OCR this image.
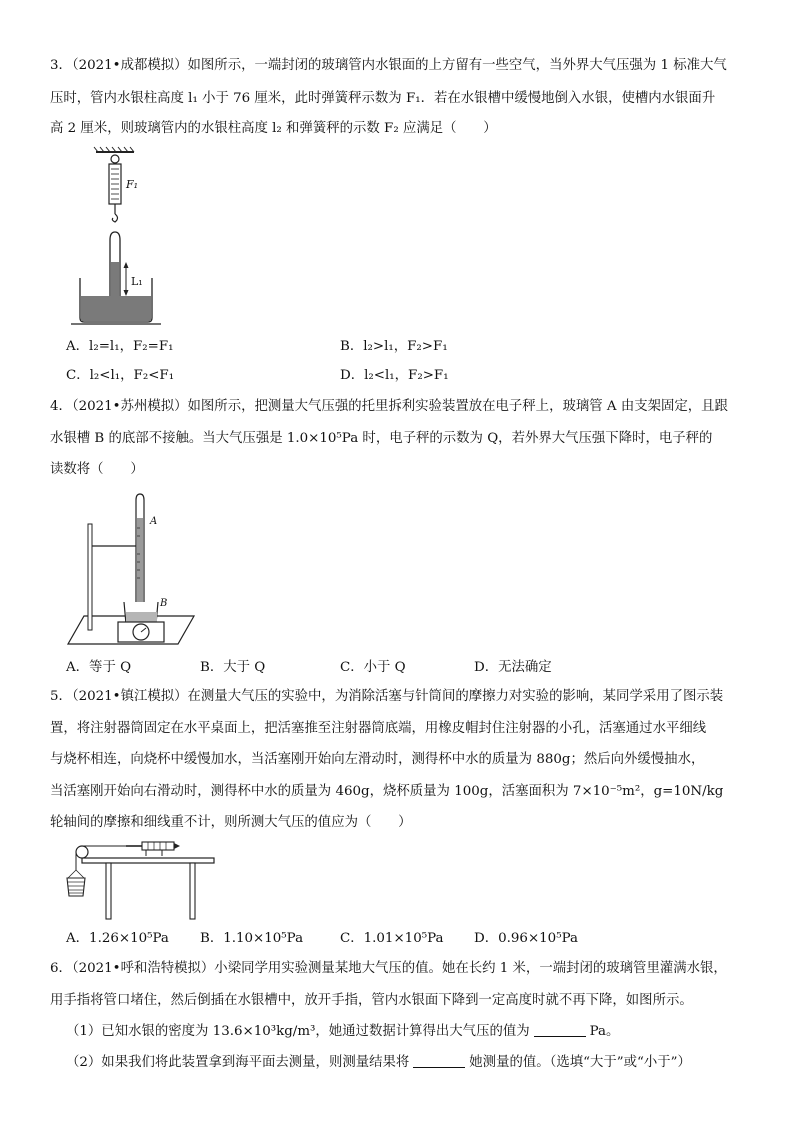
3．（2021•成都模拟）如图所示，一端封闭的玻璃管内水银面的上方留有一些空气，当外界大气压强为 1 标准大气
压时，管内水银柱高度 l₁ 小于 76 厘米，此时弹簧秤示数为 F₁．若在水银槽中缓慢地倒入水银，使槽内水银面升
高 2 厘米，则玻璃管内的水银柱高度 l₂ 和弹簧秤的示数 F₂ 应满足（　　）
F₁
L₁
A．l₂=l₁，F₂=F₁	B．l₂>l₁，F₂>F₁
C．l₂<l₁，F₂<F₁	D．l₂<l₁，F₂>F₁
4．（2021•苏州模拟）如图所示，把测量大气压强的托里拆利实验装置放在电子秤上，玻璃管 A 由支架固定，且跟
水银槽 B 的底部不接触。当大气压强是 1.0×10⁵Pa 时，电子秤的示数为 Q，若外界大气压强下降时，电子秤的
读数将（　　）
A
B
A．等于 Q	B．大于 Q	C．小于 Q	D．无法确定
5．（2021•镇江模拟）在测量大气压的实验中，为消除活塞与针筒间的摩擦力对实验的影响，某同学采用了图示装
置，将注射器筒固定在水平桌面上，把活塞推至注射器筒底端，用橡皮帽封住注射器的小孔，活塞通过水平细线
与烧杯相连，向烧杯中缓慢加水，当活塞刚开始向左滑动时，测得杯中水的质量为 880g；然后向外缓慢抽水，
当活塞刚开始向右滑动时，测得杯中水的质量为 460g，烧杯质量为 100g，活塞面积为 7×10⁻⁵m²，g=10N/kg
轮轴间的摩擦和细线重不计，则所测大气压的值应为（　　）
A．1.26×10⁵Pa B．1.10×10⁵Pa	C．1.01×10⁵Pa D．0.96×10⁵Pa
6．（2021•呼和浩特模拟）小梁同学用实验测量某地大气压的值。她在长约 1 米，一端封闭的玻璃管里灌满水银，
用手指将管口堵住，然后倒插在水银槽中，放开手指，管内水银面下降到一定高度时就不再下降，如图所示。
（1）已知水银的密度为 13.6×10³kg/m³，她通过数据计算得出大气压的值为	Pa。
（2）如果我们将此装置拿到海平面去测量，则测量结果将	她测量的值。（选填“大于”或“小于”）
